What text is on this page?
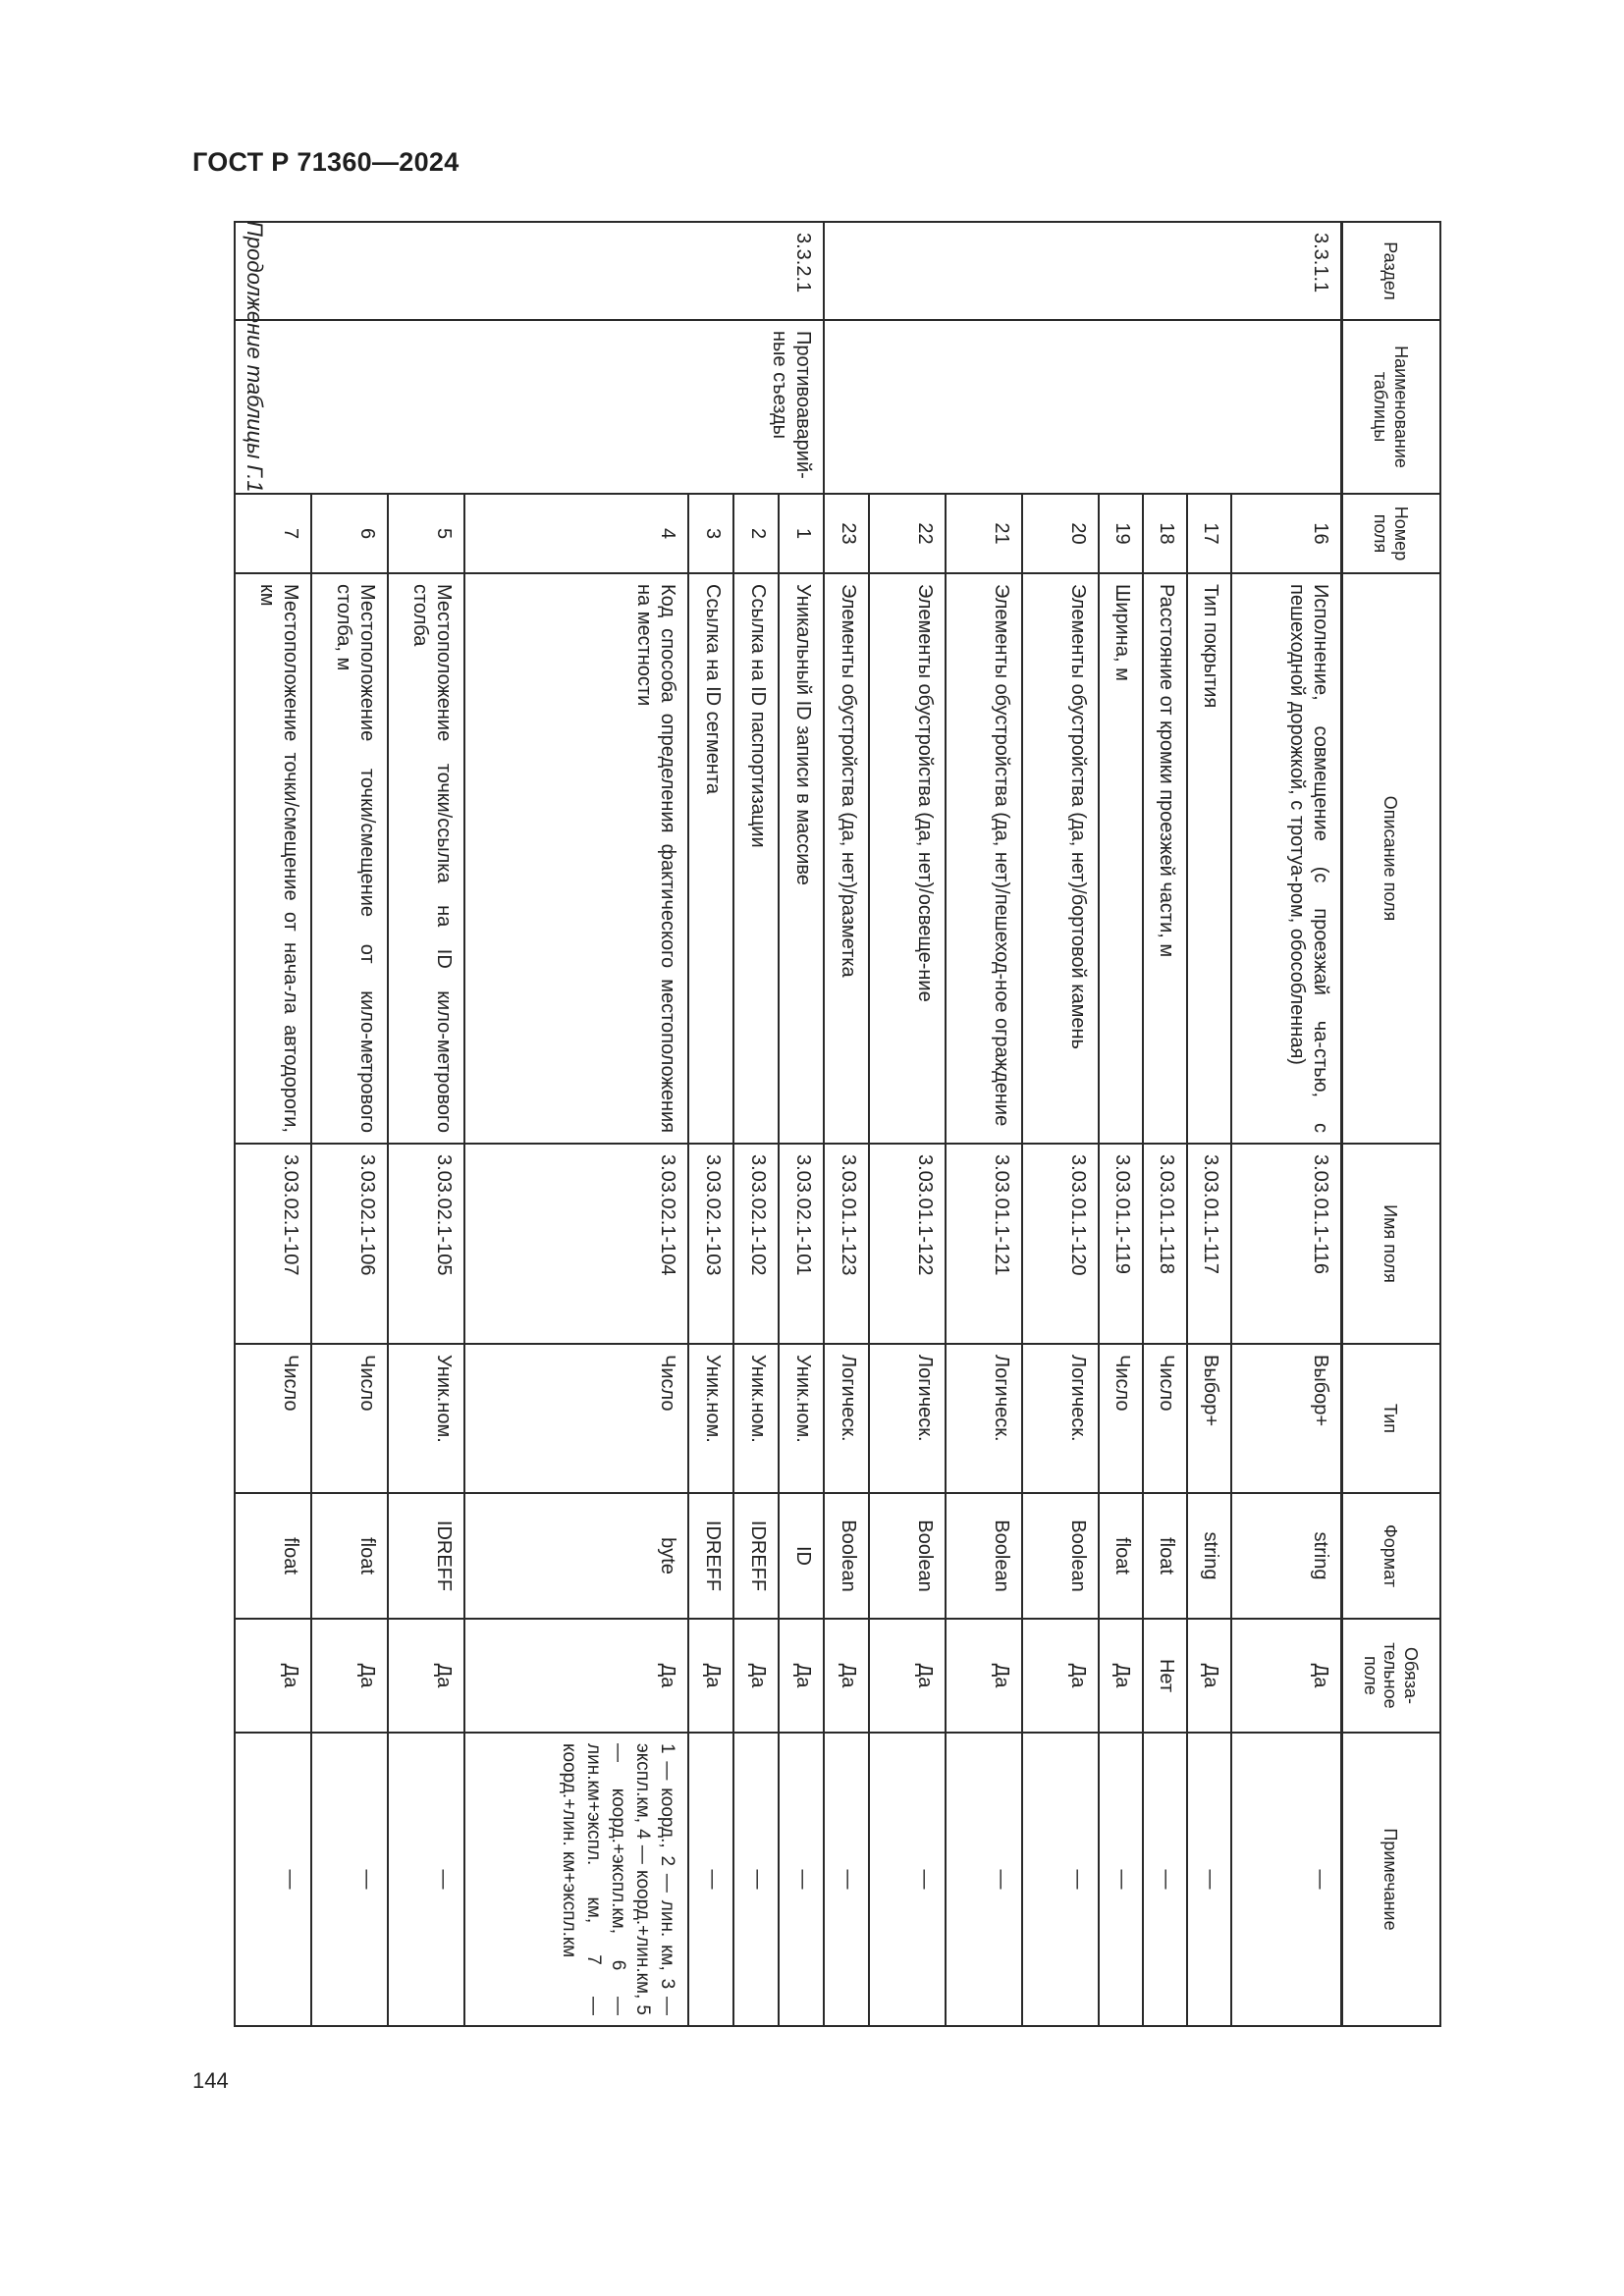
ГОСТ Р 71360—2024
Раздел	Наименование таблицы	Номер поля	Описание поля	Имя поля	Тип	Формат	Обяза-тельное поле	Примечание
3.3.1.1		16	Исполнение, совмещение (с проезжай ча-стью, с пешеходной дорожкой, с тротуа-ром, обособленная)	3.03.01.1-116	Выбор+	string	Да	—
		17	Тип покрытия	3.03.01.1-117	Выбор+	string	Да	—
		18	Расстояние от кромки проезжей части, м	3.03.01.1-118	Число	float	Нет	—
		19	Ширина, м	3.03.01.1-119	Число	float	Да	—
		20	Элементы обустройства (да, нет)/бортовой камень	3.03.01.1-120	Логическ.	Boolean	Да	—
		21	Элементы обустройства (да, нет)/пешеход-ное ограждение	3.03.01.1-121	Логическ.	Boolean	Да	—
		22	Элементы обустройства (да, нет)/освеще-ние	3.03.01.1-122	Логическ.	Boolean	Да	—
		23	Элементы обустройства (да, нет)/разметка	3.03.01.1-123	Логическ.	Boolean	Да	—
3.3.2.1	Противоаварий-ные съезды	1	Уникальный ID записи в массиве	3.03.02.1-101	Уник.ном.	ID	Да	—
		2	Ссылка на ID паспортизации	3.03.02.1-102	Уник.ном.	IDREFF	Да	—
		3	Ссылка на ID сегмента	3.03.02.1-103	Уник.ном.	IDREFF	Да	—
		4	Код способа определения фактического местоположения на местности	3.03.02.1-104	Число	byte	Да	1 — коорд., 2 — лин. км, 3 — экспл.км, 4 — коорд.+лин.км, 5 — коорд.+экспл.км, 6 — лин.км+экспл. км, 7 — коорд.+лин. км+экспл.км
		5	Местоположение точки/ссылка на ID кило-метрового столба	3.03.02.1-105	Уник.ном.	IDREFF	Да	—
		6	Местоположение точки/смещение от кило-метрового столба, м	3.03.02.1-106	Число	float	Да	—
		7	Местоположение точки/смещение от нача-ла автодороги, км	3.03.02.1-107	Число	float	Да	—
Продолжение таблицы Г.1
144
